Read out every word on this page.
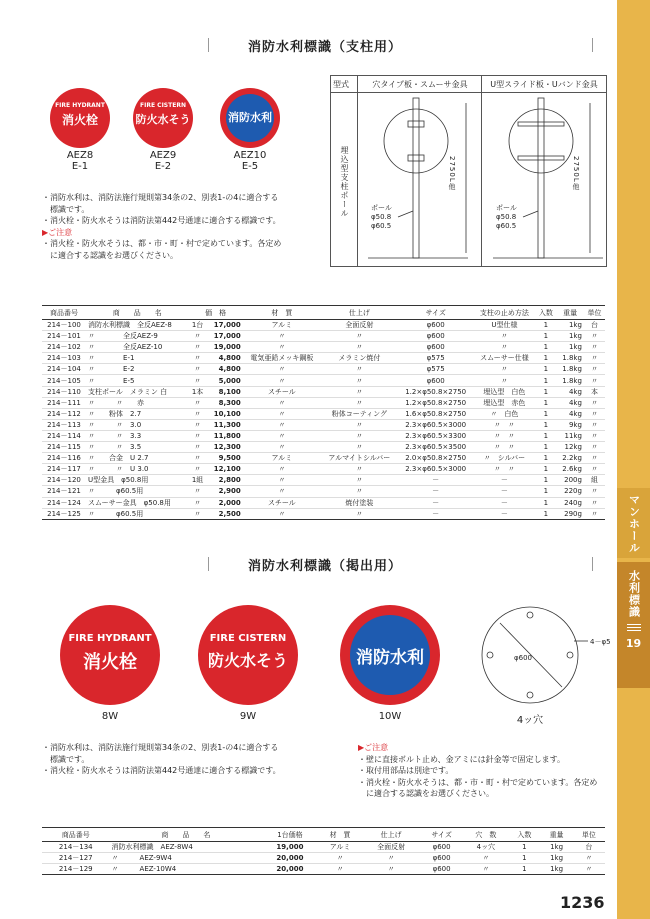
消防水利標識（支柱用）
FIRE HYDRANT
消火栓
AEZ8
E-1
FIRE CISTERN
防火水そう
AEZ9
E-2
消防水利
AEZ10
E-5
型式	穴タイプ板・スムーサ金具	U型スライド板・Uバンド金具
埋込型支柱ポール	ポール
φ50.8
φ60.5
ポール
φ50.8
φ60.5
2750L他	2750L他
・消防水利は、消防法施行規則第34条の2、別表1-の4に適合する
　標識です。
・消火栓・防火水そうは消防法第442号通達に適合する標識です。
▶ご注意
・消火栓・防火水そうは、都・市・町・村で定めています。各定め
　に適合する認識をお選びください。
商品番号	商　　品　　名	価　格		材　質	仕上げ	サイズ	支柱の止め方法	入数	重量	単位
214－100	消防水利標識　全反AEZ-8	1台	17,000	アルミ	全面反射	φ600	U型仕様	1	1kg	台
214－101	〃　　　　全反AEZ-9	〃	17,000	〃	〃	φ600	〃	1	1kg	〃
214－102	〃　　　　全反AEZ-10	〃	19,000	〃	〃	φ600	〃	1	1kg	〃
214－103	〃　　　　E-1	〃	4,800	電気亜鉛メッキ鋼板	メラミン焼付	φ575	スムーサー仕様	1	1.8kg	〃
214－104	〃　　　　E-2	〃	4,800	〃	〃	φ575	〃	1	1.8kg	〃
214－105	〃　　　　E-5	〃	5,000	〃	〃	φ600	〃	1	1.8kg	〃
214－110	支柱ポール　メラミン 白	1本	8,100	スチール	〃	1.2×φ50.8×2750	埋込型　白色	1	4kg	本
214－111	〃　　　〃　　赤	〃	8,300	〃	〃	1.2×φ50.8×2750	埋込型　赤色	1	4kg	〃
214－112	〃　　粉体　2.7	〃	10,100	〃	粉体コーティング	1.6×φ50.8×2750	〃　白色	1	4kg	〃
214－113	〃　　　〃　3.0	〃	11,300	〃	〃	2.3×φ60.5×3000	〃　〃	1	9kg	〃
214－114	〃　　　〃　3.3	〃	11,800	〃	〃	2.3×φ60.5×3300	〃　〃	1	11kg	〃
214－115	〃　　　〃　3.5	〃	12,300	〃	〃	2.3×φ60.5×3500	〃　〃	1	12kg	〃
214－116	〃　　合金　U 2.7	〃	9,500	アルミ	アルマイトシルバー	2.0×φ50.8×2750	〃　シルバー	1	2.2kg	〃
214－117	〃　　　〃　U 3.0	〃	12,100	〃	〃	2.3×φ60.5×3000	〃　〃	1	2.6kg	〃
214－120	U型金具　φ50.8用	1組	2,800	〃	〃	－	－	1	200g	組
214－121	〃　　　φ60.5用	〃	2,900	〃	〃	－	－	1	220g	〃
214－124	スムーサー金具　φ50.8用	〃	2,000	スチール	焼付塗装	－	－	1	240g	〃
214－125	〃　　　φ60.5用	〃	2,500	〃	〃	－	－	1	290g	〃
消防水利標識（掲出用）
FIRE HYDRANT
消火栓
8W
FIRE CISTERN
防火水そう
9W
消防水利
10W
φ600
4－φ5
4ッ穴
・消防水利は、消防法施行規則第34条の2、別表1-の4に適合する
　標識です。
・消火栓・防火水そうは消防法第442号通達に適合する標識です。
▶ご注意
・壁に直接ボルト止め、金アミには針金等で固定します。
・取付用部品は別途です。
・消火栓・防火水そうは、都・市・町・村で定めています。各定め
　に適合する認識をお選びください。
商品番号	商　　品　　名	1台価格	材　質	仕上げ	サイズ	穴　数	入数	重量	単位
214－134	消防水利標識　AEZ-8W4	19,000	アルミ	全面反射	φ600	4ッ穴	1	1kg	台
214－127	〃　　　AEZ-9W4	20,000	〃	〃	φ600	〃	1	1kg	〃
214－129	〃　　　AEZ-10W4	20,000	〃	〃	φ600	〃	1	1kg	〃
マンホール
水利標識
19
1236
